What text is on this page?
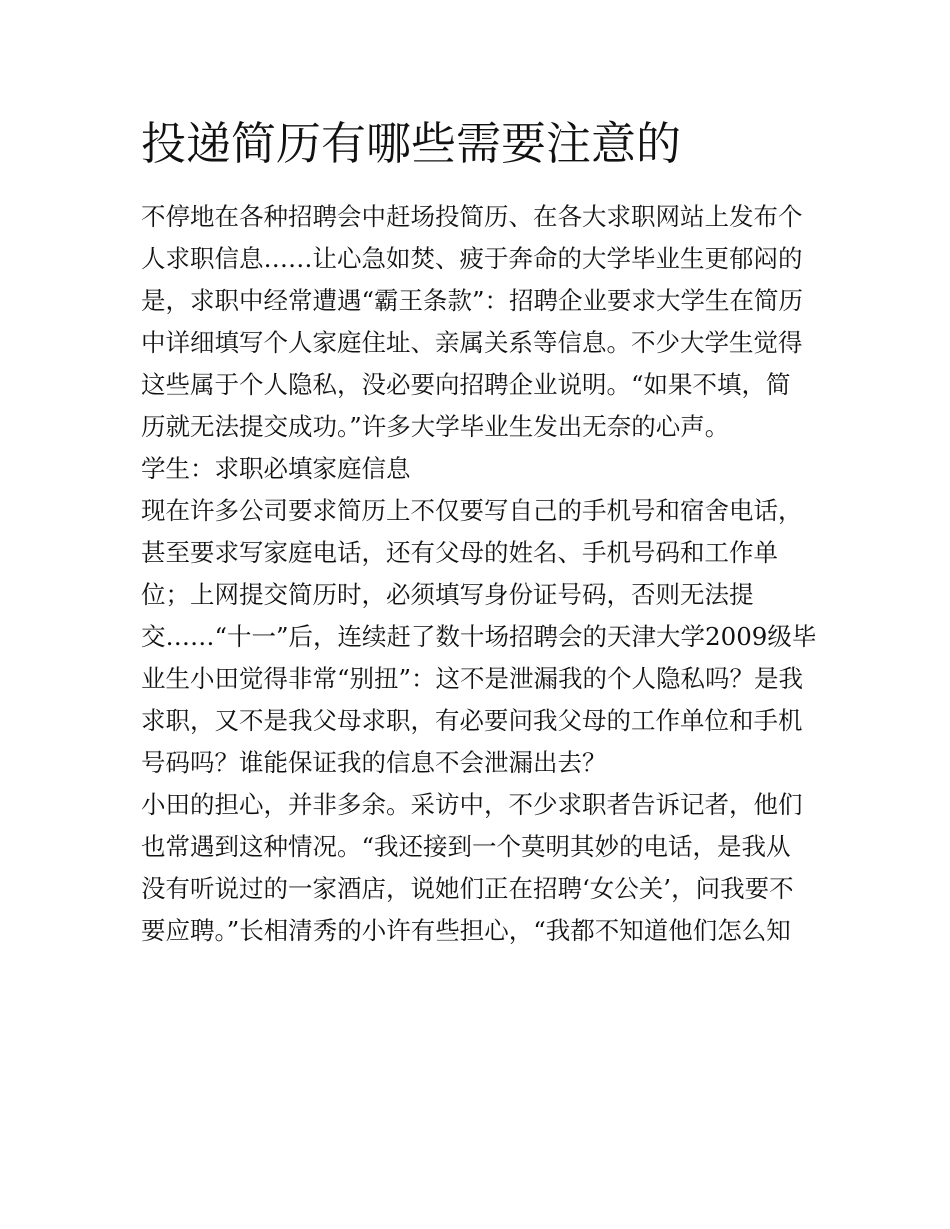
投递简历有哪些需要注意的

不停地在各种招聘会中赶场投简历、在各大求职网站上发布个

人求职信息……让心急如焚、疲于奔命的大学毕业生更郁闷的

是，求职中经常遭遇“霸王条款”：招聘企业要求大学生在简历

中详细填写个人家庭住址、亲属关系等信息。不少大学生觉得

这些属于个人隐私，没必要向招聘企业说明。“如果不填，简

历就无法提交成功。”许多大学毕业生发出无奈的心声。

学生：求职必填家庭信息

现在许多公司要求简历上不仅要写自己的手机号和宿舍电话，

甚至要求写家庭电话，还有父母的姓名、手机号码和工作单

位；上网提交简历时，必须填写身份证号码，否则无法提

交……“十一”后，连续赶了数十场招聘会的天津大学2009级毕

业生小田觉得非常“别扭”：这不是泄漏我的个人隐私吗？是我

求职，又不是我父母求职，有必要问我父母的工作单位和手机

号码吗？谁能保证我的信息不会泄漏出去？

小田的担心，并非多余。采访中，不少求职者告诉记者，他们

也常遇到这种情况。“我还接到一个莫明其妙的电话，是我从

没有听说过的一家酒店，说她们正在招聘‘女公关’，问我要不

要应聘。”长相清秀的小许有些担心，“我都不知道他们怎么知
